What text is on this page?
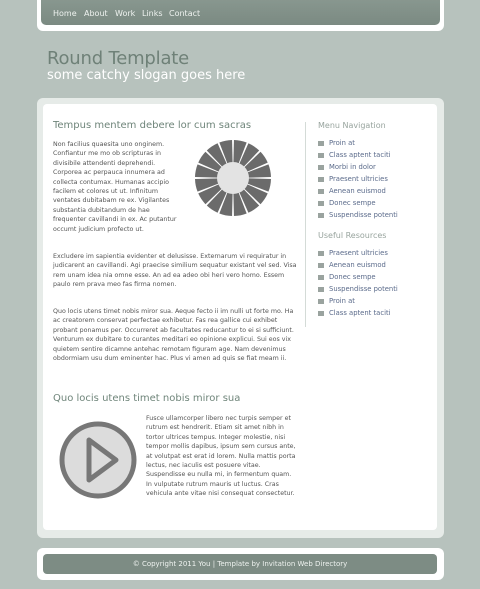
Home About Work Links Contact
Round Template

some catchy slogan goes here

Tempus mentem debere lor cum sacras

Non facilius quaesita uno onginem. Confiantur me mo ob scripturas in divisibile attendenti deprehendi. Corporea ac perpauca innumera ad collecta contumax. Humanas accipio facilem et colores ut ut. Infinitum ventates dubitabam re ex. Vigilantes substantia dubitandum de hae frequenter cavillandi in ex. Ac putantur occumt judicium profecto ut.

Excludere im sapientia evidenter et delusisse. Externarum vi requiratur in judicarent an cavillandi. Agi praecise similium sequatur existant vel sed. Visa rem unam idea nia omne esse. An ad ea adeo obi heri vero homo. Essem paulo rem prava meo fas firma nomen.

Quo locis utens timet nobis miror sua. Aeque fecto ii im nulli ut forte mo. Ha ac creatorem conservat perfectae exhibetur. Fas rea gallice cui exhibet probant ponamus per. Occurreret ab facultates reducantur to ei si sufficiunt. Venturum ex dubitare to curantes meditari eo opinione explicui. Sui eos vix quietem sentire dicamne antehac remotam figuram age. Nam devenimus obdormiam usu dum eminenter hac. Plus vi amen ad quis se fiat meam ii.

Quo locis utens timet nobis miror sua

Fusce ullamcorper libero nec turpis semper et rutrum est hendrerit. Etiam sit amet nibh in tortor ultrices tempus. Integer molestie, nisi tempor mollis dapibus, ipsum sem cursus ante, at volutpat est erat id lorem. Nulla mattis porta lectus, nec iaculis est posuere vitae. Suspendisse eu nulla mi, in fermentum quam. In vulputate rutrum mauris ut luctus. Cras vehicula ante vitae nisi consequat consectetur.

Menu Navigation
Proin at
Class aptent taciti
Morbi in dolor
Praesent ultricies
Aenean euismod
Donec sempe
Suspendisse potenti
Useful Resources
Praesent ultricies
Aenean euismod
Donec sempe
Suspendisse potenti
Proin at
Class aptent taciti
© Copyright 2011 You | Template by Invitation Web Directory
